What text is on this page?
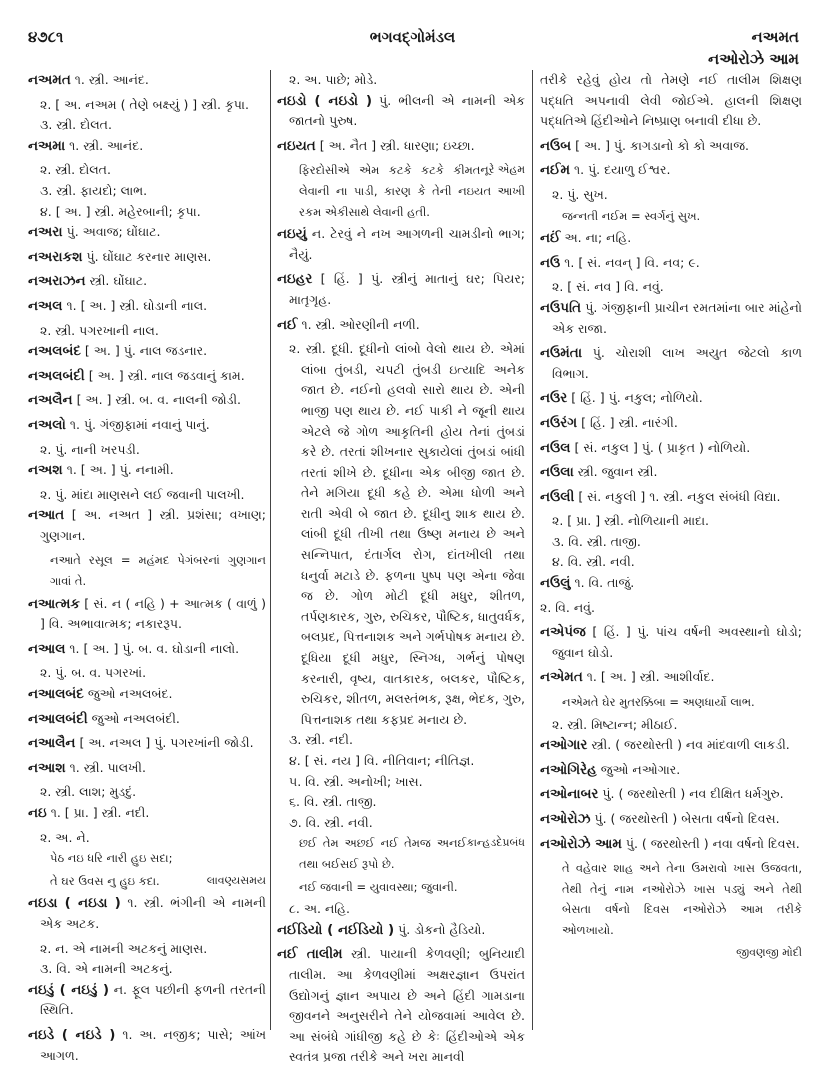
૪૭૮૧	ભગવદ્ગોમંડલ	નઅમત
નઓરોઝે આમ

નઅમત ૧. સ્ત્રી. આનંદ.

૨. [ અ. નઅમ ( તેણે બક્ષ્યું ) ] સ્ત્રી. કૃપા.

૩. સ્ત્રી. દોલત.

નઅમા ૧. સ્ત્રી. આનંદ.

૨. સ્ત્રી. દોલત.

૩. સ્ત્રી. ફાયદો; લાભ.

૪. [ અ. ] સ્ત્રી. મહેરબાની; કૃપા.

નઅરા પું. અવાજ; ઘોંઘાટ.

નઅરાકશ પું. ઘોંઘાટ કરનાર માણસ.

નઅરાઝન સ્ત્રી. ઘોંઘાટ.

નઅલ ૧. [ અ. ] સ્ત્રી. ઘોડાની નાલ.

૨. સ્ત્રી. પગરખાની નાલ.

નઅલબંદ [ અ. ] પું. નાલ જડનાર.

નઅલબંદી [ અ. ] સ્ત્રી. નાલ જડવાનું કામ.

નઅલૈન [ અ. ] સ્ત્રી. બ. વ. નાલની જોડી.

નઅલો ૧. પું. ગંજીફામાં નવાનું પાનું.

૨. પું. નાની ખરપડી.

નઅશ ૧. [ અ. ] પું. નનામી.

૨. પું. માંદા માણસને લઈ જવાની પાલખી.

નઆત [ અ. નઅત ] સ્ત્રી. પ્રશંસા; વખાણ; ગુણગાન.

નઆતે રસૂલ = મહંમદ પેગંબરનાં ગુણગાન ગાવાં તે.

નઆત્મક [ સં. ન ( નહિ ) + આત્મક ( વાળું ) ] વિ. અભાવાત્મક; નકારરૂપ.

નઆલ ૧. [ અ. ] પું. બ. વ. ઘોડાની નાલો.

૨. પું. બ. વ. પગરખાં.

નઆલબંદ જુઓ નઅલબંદ.

નઆલબંદી જુઓ નઅલબંદી.

નઆલૈન [ અ. નઅલ ] પું. પગરખાંની જોડી.

નઆશ ૧. સ્ત્રી. પાલખી.

૨. સ્ત્રી. લાશ; મુડદું.

નઇ ૧. [ પ્રા. ] સ્ત્રી. નદી.

૨. અ. ને.

પેઠ નઇ ધરિ નારી હુઇ સદા;

લાવણ્યસમય
તે ઘર ઉવસ નુ હુઇ કદા.

નઇડા ( નઇડા ) ૧. સ્ત્રી. ભંગીની એ નામની એક અટક.

૨. ન. એ નામની અટકનું માણસ.

૩. વિ. એ નામની અટકનું.

નઇડું ( નઇડું ) ન. ફૂલ પછીની ફળની તરતની સ્થિતિ.

નઇડે ( નઇડે ) ૧. અ. નજીક; પાસે; આંખ આગળ.

૨. અ. પાછે; મોડે.

નઇડો ( નઇડો ) પું. ભીલની એ નામની એક જાતનો પુરુષ.

નઇયત [ અ. નૈત ] સ્ત્રી. ધારણા; ઇચ્છા.

નૂરે એહમ
ફિરદોસીએ એમ કટકે કટકે કીમત લેવાની ના પાડી, કારણ કે તેની નઇયત આખી રકમ એકીસાથે લેવાની હતી.

નઇયું ન. ટેરવું ને નખ આગળની ચામડીનો ભાગ; નૈયું.

નઇહર [ હિં. ] પું. સ્ત્રીનું માતાનું ઘર; પિયર; માતૃગૃહ.

નઈ ૧. સ્ત્રી. ઓરણીની નળી.

૨. સ્ત્રી. દૂધી. દૂધીનો લાંબો વેલો થાય છે. એમાં લાંબા તુંબડી, ચપટી તુંબડી ઇત્યાદિ અનેક જાત છે. નઈનો હલવો સારો થાય છે. એની ભાજી પણ થાય છે. નઈ પાકી ને જૂની થાય એટલે જે ગોળ આકૃતિની હોય તેનાં તુંબડાં કરે છે. તરતાં શીખનાર સુકાયેલાં તુંબડાં બાંધી તરતાં શીખે છે. દૂધીના એક બીજી જાત છે. તેને મગિયા દૂધી કહે છે. એમા ધોળી અને રાતી એવી બે જાત છે. દૂધીનુ શાક થાય છે. લાંબી દૂધી તીખી તથા ઉષ્ણ મનાય છે અને સન્નિપાત, દંતાર્ગલ રોગ, દાંતખીલી તથા ધનુર્વા મટાડે છે. ફળના પુષ્પ પણ એના જેવા જ છે. ગોળ મોટી દૂધી મધુર, શીતળ, તર્પણકારક, ગુરુ, રુચિકર, પૌષ્ટિક, ધાતુવર્ધક, બલપ્રદ, પિત્તનાશક અને ગર્ભપોષક મનાય છે. દૂધિયા દૂધી મધુર, સ્નિગ્ધ, ગર્ભનું પોષણ કરનારી, વૃષ્ય, વાતકારક, બલકર, પૌષ્ટિક, રુચિકર, શીતળ, મલસ્તંભક, રૂક્ષ, ભેદક, ગુરુ, પિત્તનાશક તથા કફપ્રદ મનાય છે.

૩. સ્ત્રી. નદી.

૪. [ સં. નય ] વિ. નીતિવાન; નીતિજ્ઞ.

૫. વિ. સ્ત્રી. અનોખી; ખાસ.

૬. વિ. સ્ત્રી. તાજી.

૭. વિ. સ્ત્રી. નવી.

કાન્હડદેપ્રબંધ
છઈ તેમ અછઈ નઈ તેમજ અનઈ તથા બઈસઈ રૂપો છે.

નઈ જવાની = યુવાવસ્થા; જુવાની.

૮. અ. નહિ.

નઈડિયો ( નઈડિયો ) પું. ડોકનો હૈડિયો.

નઈ તાલીમ સ્ત્રી. પાયાની કેળવણી; બુનિયાદી તાલીમ. આ કેળવણીમાં અક્ષરજ્ઞાન ઉપરાંત ઉદ્યોગનું જ્ઞાન અપાય છે અને હિંદી ગામડાના જીવનને અનુસરીને તેને યોજવામાં આવેલ છે. આ સંબંધે ગાંધીજી કહે છે કેઃ હિંદીઓએ એક સ્વતંત્ર પ્રજા તરીકે અને ખરા માનવી

તરીકે રહેવું હોય તો તેમણે નઈ તાલીમ શિક્ષણ પદ્ધતિ અપનાવી લેવી જોઈએ. હાલની શિક્ષણ પદ્ધતિએ હિંદીઓને નિષ્પ્રાણ બનાવી દીધા છે.

નઉબ [ અ. ] પું. કાગડાનો કો કો અવાજ.

નઈમ ૧. પું. દયાળુ ઈશ્વર.

૨. પું. સુખ.

જન્નતી નઈમ = સ્વર્ગનું સુખ.

નઈં અ. ના; નહિ.

નઉ ૧. [ સં. નવન્ ] વિ. નવ; ૯.

૨. [ સં. નવ ] વિ. નવું.

નઉપતિ પું. ગંજીફાની પ્રાચીન રમતમાંના બાર માંહેનો એક રાજા.

નઉમંતા પું. ચોરાશી લાખ અયુત જેટલો કાળ વિભાગ.

નઉર [ હિં. ] પું. નકુલ; નોળિયો.

નઉરંગ [ હિં. ] સ્ત્રી. નારંગી.

નઉલ [ સં. નકુલ ] પું. ( પ્રાકૃત ) નોળિયો.

નઉલા સ્ત્રી. જુવાન સ્ત્રી.

નઉલી [ સં. નકુલી ] ૧. સ્ત્રી. નકુલ સંબંધી વિદ્યા.

૨. [ પ્રા. ] સ્ત્રી. નોળિયાની માદા.

૩. વિ. સ્ત્રી. તાજી.

૪. વિ. સ્ત્રી. નવી.

નઉલું ૧. વિ. તાજું.

૨. વિ. નવું.

નએપંજ [ હિં. ] પું. પાંચ વર્ષની અવસ્થાનો ઘોડો; જુવાન ઘોડો.

નએમત ૧. [ અ. ] સ્ત્રી. આશીર્વાદ.

નએમતે ઘેર મુતરક્કિબા = અણધાર્યો લાભ.

૨. સ્ત્રી. મિષ્ટાન્ન; મીઠાઈ.

નઓગાર સ્ત્રી. ( જરથોસ્તી ) નવ માંદવાળી લાકડી.

નઓગિરેહ જુઓ નઓગાર.

નઓનાબર પું. ( જરથોસ્તી ) નવ દીક્ષિત ધર્મગુરુ.

નઓરોઝ પું. ( જરથોસ્તી ) બેસતા વર્ષનો દિવસ.

નઓરોઝે આમ પું. ( જરથોસ્તી ) નવા વર્ષનો દિવસ.

તે વહેવાર શાહ અને તેના ઉમરાવો ખાસ ઉજવતા, તેથી તેનું નામ નઓરોઝે ખાસ પડ્યું અને તેથી બેસતા વર્ષનો દિવસ નઓરોઝે આમ તરીકે ઓળખાયો.

જીવણજી મોદી
